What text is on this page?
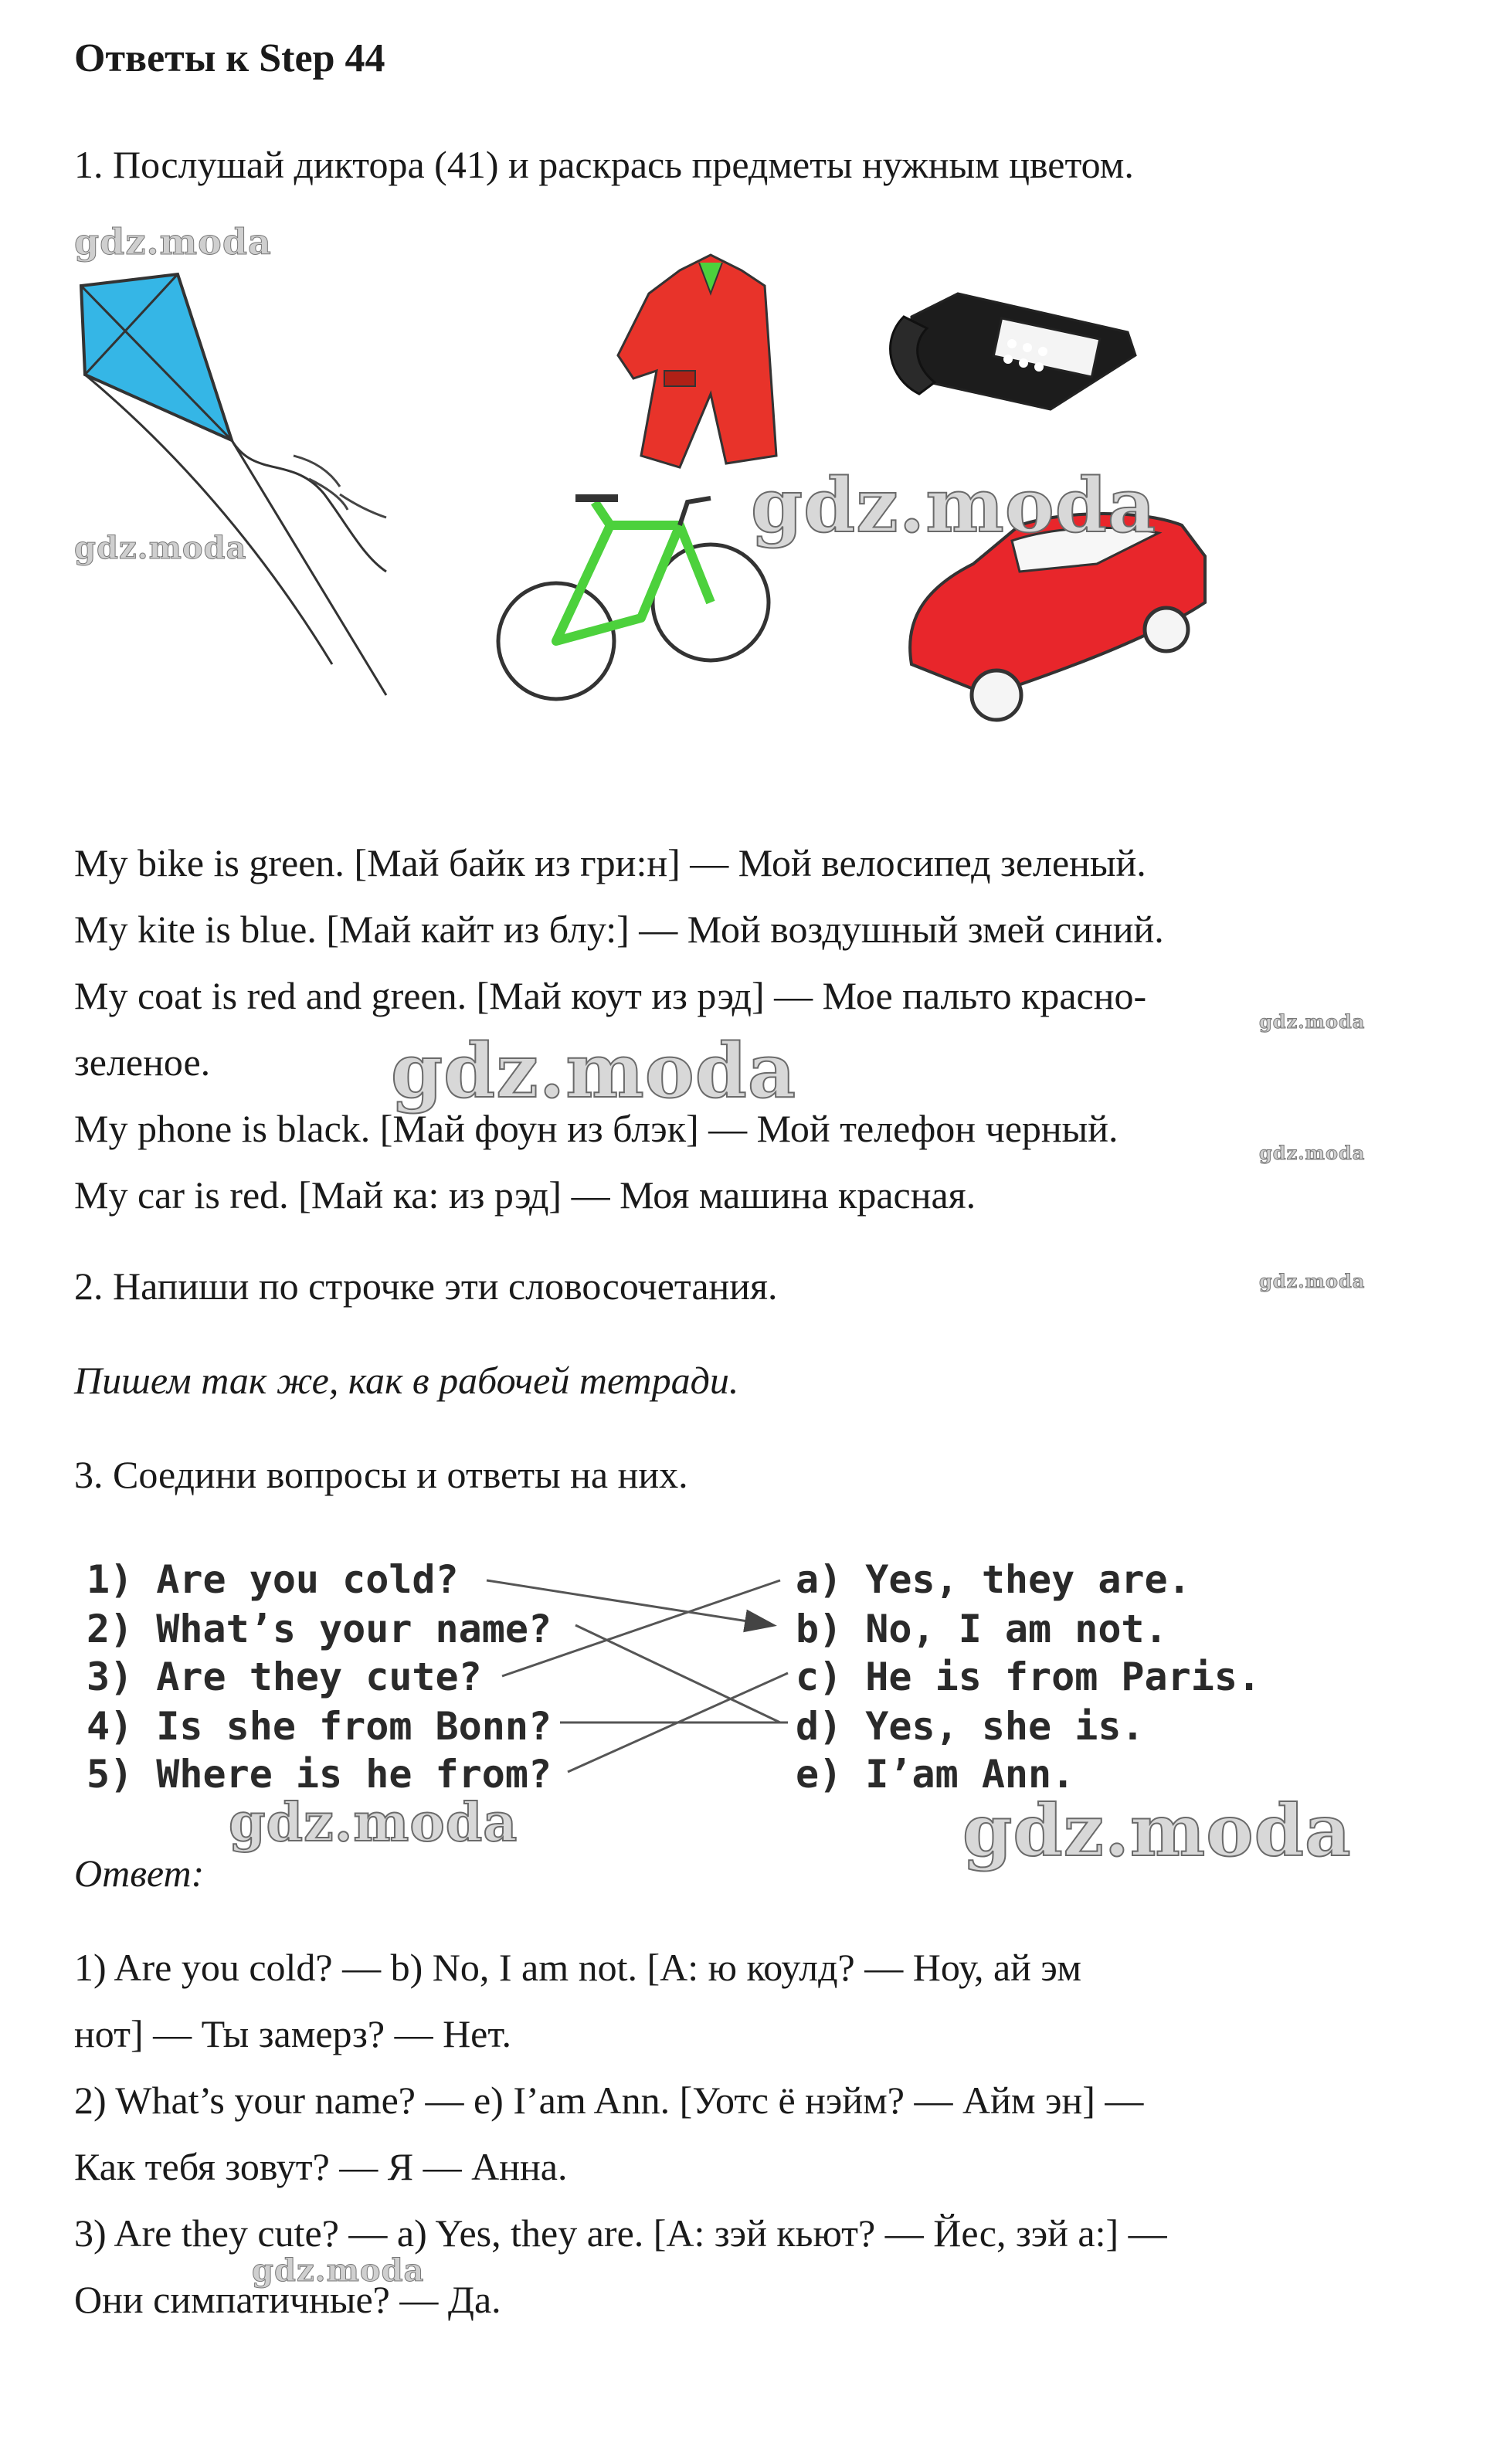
Ответы к Step 44
1. Послушай диктора (41) и раскрась предметы нужным цветом.
gdz.moda
gdz.moda	gdz.moda
My bike is green. [Май байк из гри:н] — Мой велосипед зеленый.
My kite is blue. [Май кайт из блу:] — Мой воздушный змей синий.
My coat is red and green. [Май коут из рэд] — Мое пальто красно-
зеленое. gdz.moda
gdz.moda
My phone is black. [Май фоун из блэк] — Мой телефон черный.
gdz.moda
My car is red. [Май ка: из рэд] — Моя машина красная.
2. Напиши по строчке эти словосочетания.	gdz.moda
Пишем так же, как в рабочей тетради.
3. Соедини вопросы и ответы на них.
1) Are you cold?
2) What’s your name?
3) Are they cute?
4) Is she from Bonn?
5) Where is he from?
a) Yes, they are.
b) No, I am not.
c) He is from Paris.
d) Yes, she is.
e) I’am Ann.
gdz.moda	gdz.moda
Ответ:
1) Are you cold? — b) No, I am not. [А: ю коулд? — Ноу, ай эм
нот] — Ты замерз? — Нет.
2) What’s your name? — e) I’am Ann. [Уотс ё нэйм? — Айм эн] —
Как тебя зовут? — Я — Анна.
3) Are they cute? — a) Yes, they are. [А: зэй кьют? — Йес, зэй а:] —
gdz.moda
Они симпатичные? — Да.
